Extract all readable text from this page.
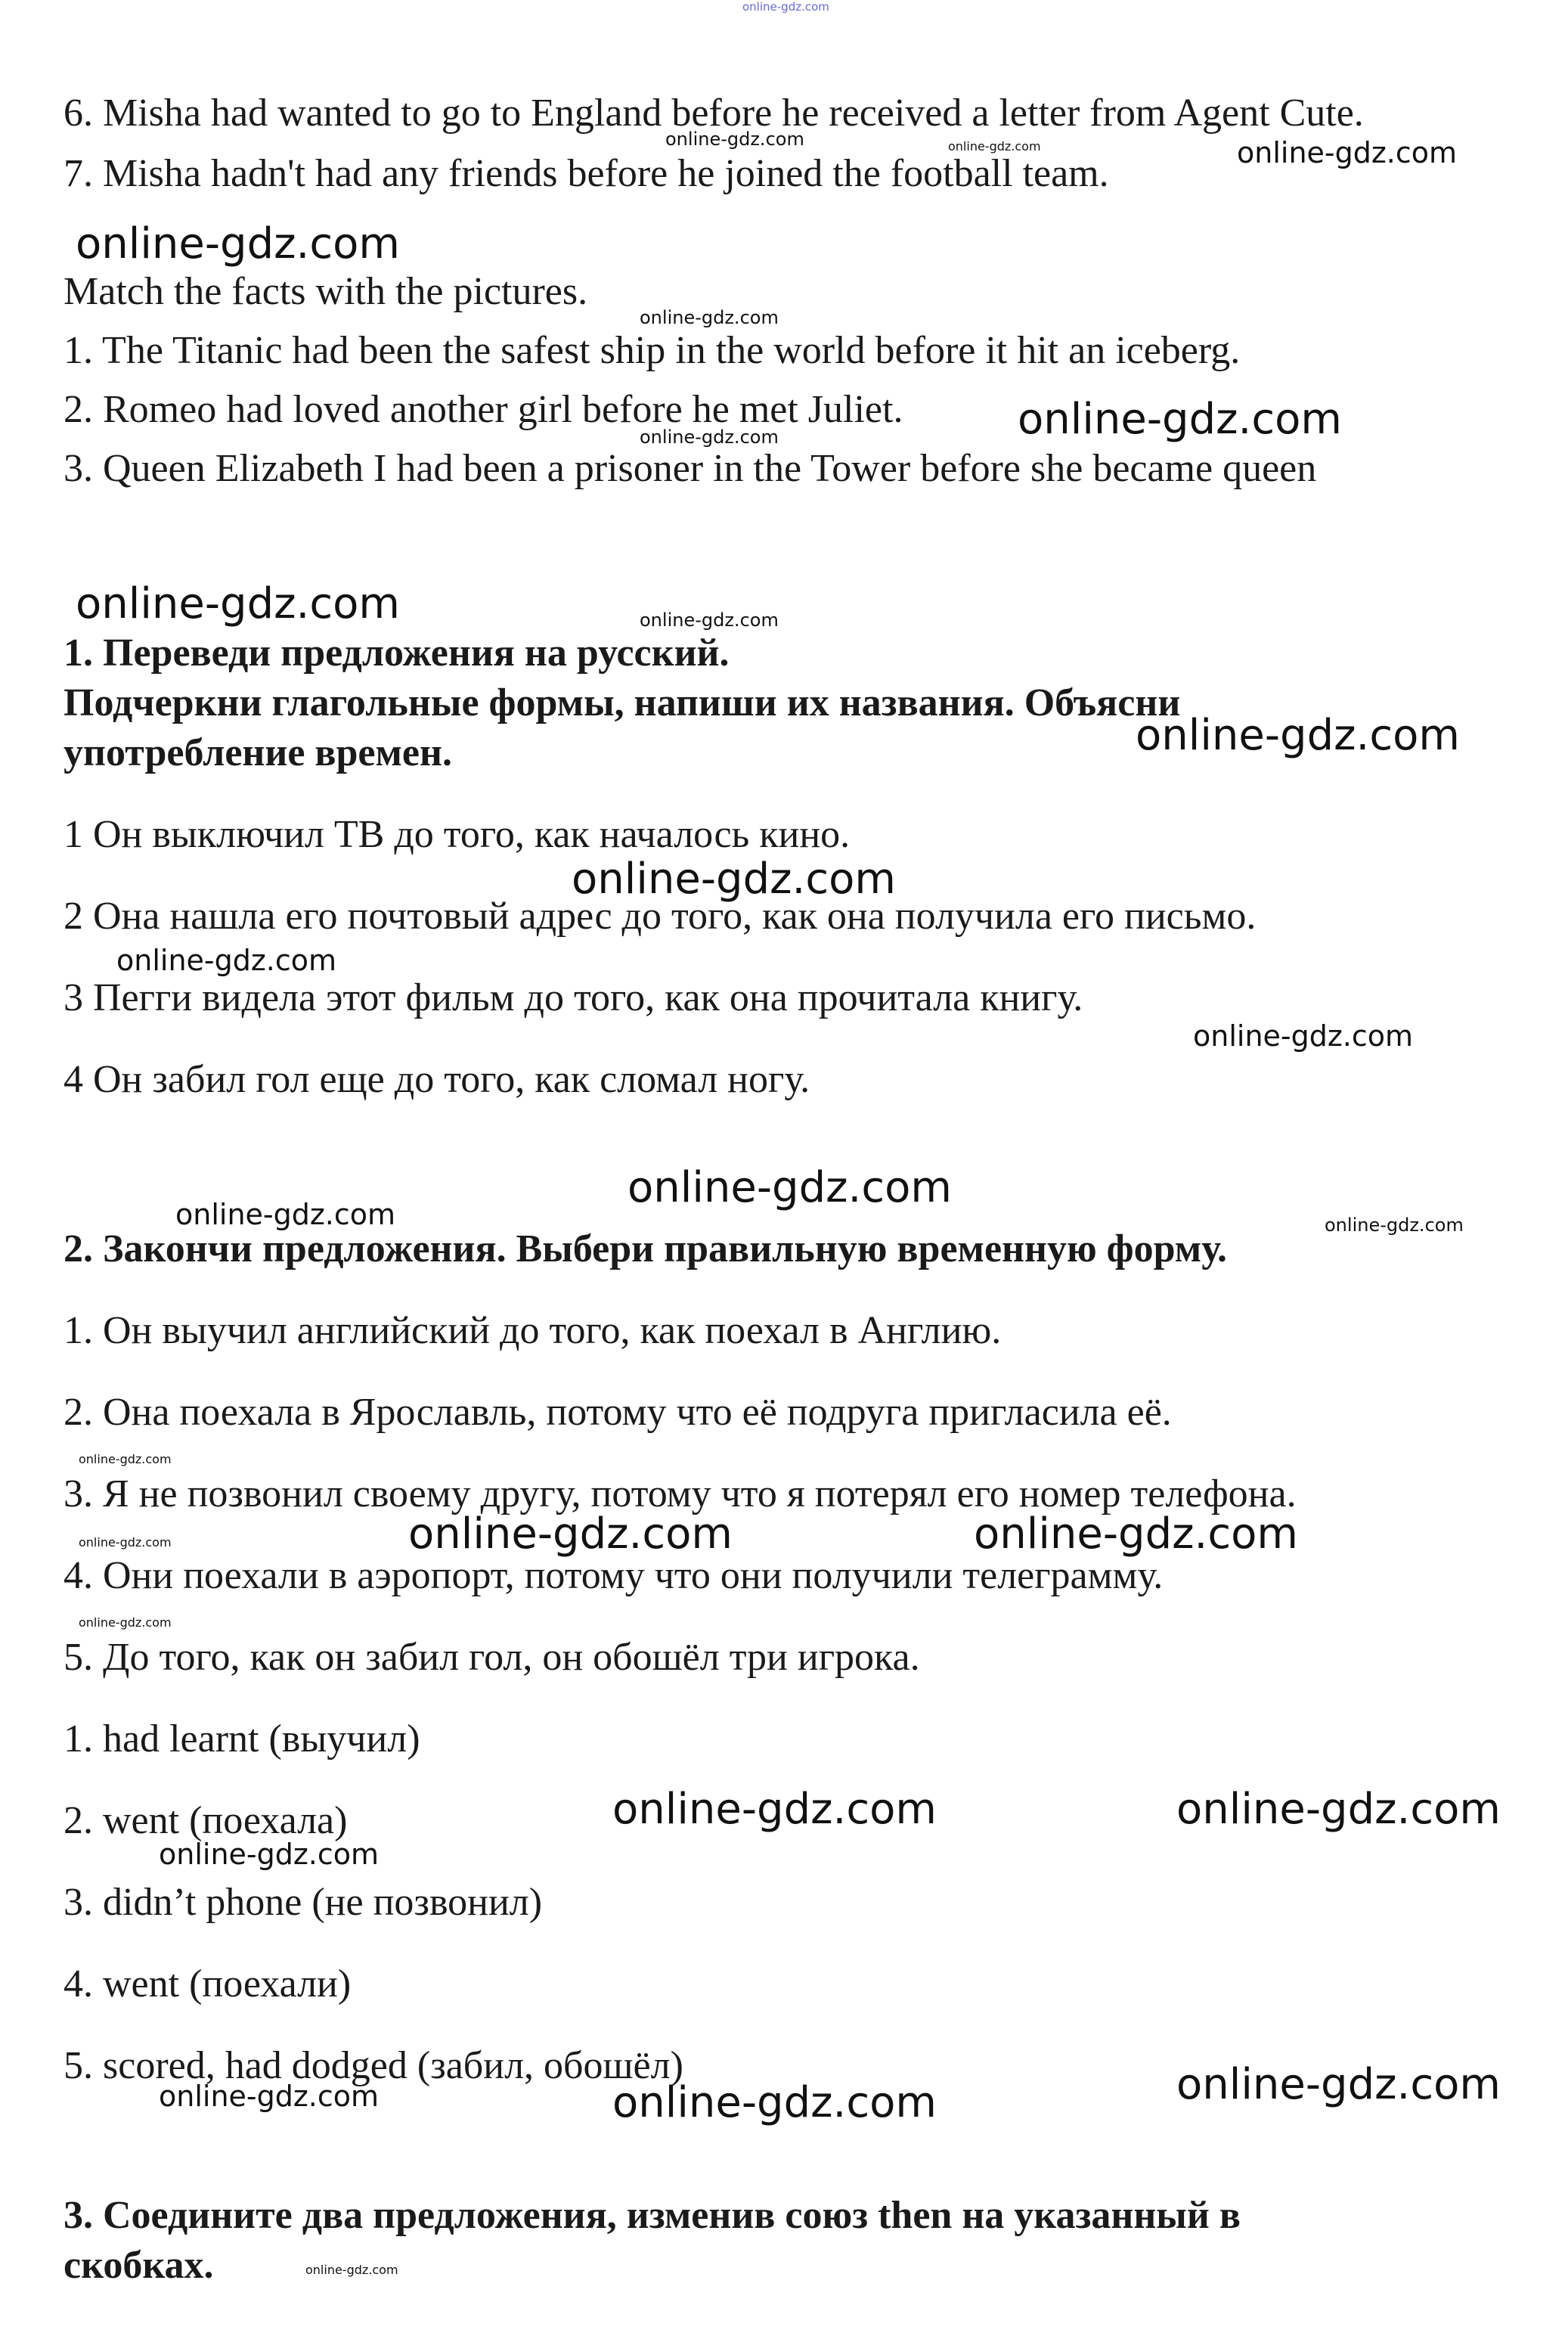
online-gdz.com
6. Misha had wanted to go to England before he received a letter from Agent Cute.
7. Misha hadn't had any friends before he joined the football team.
Match the facts with the pictures.
1. The Titanic had been the safest ship in the world before it hit an iceberg.
2. Romeo had loved another girl before he met Juliet.
3. Queen Elizabeth I had been a prisoner in the Tower before she became queen
1. Переведи предложения на русский.
Подчеркни глагольные формы, напиши их названия. Объясни
употребление времен.
1 Он выключил ТВ до того, как началось кино.
2 Она нашла его почтовый адрес до того, как она получила его письмо.
3 Пегги видела этот фильм до того, как она прочитала книгу.
4 Он забил гол еще до того, как сломал ногу.
2. Закончи предложения. Выбери правильную временную форму.
1. Он выучил английский до того, как поехал в Англию.
2. Она поехала в Ярославль, потому что её подруга пригласила её.
3. Я не позвонил своему другу, потому что я потерял его номер телефона.
4. Они поехали в аэропорт, потому что они получили телеграмму.
5. До того, как он забил гол, он обошёл три игрока.
1. had learnt (выучил)
2. went (поехала)
3. didn’t phone (не позвонил)
4. went (поехали)
5. scored, had dodged (забил, обошёл)
3. Соедините два предложения, изменив союз then на указанный в
скобках.
online-gdz.com	online-gdz.com	online-gdz.com
online-gdz.com
online-gdz.com
online-gdz.com
online-gdz.com
online-gdz.com	online-gdz.com
online-gdz.com
online-gdz.com
online-gdz.com
online-gdz.com
online-gdz.com
online-gdz.com	online-gdz.com
online-gdz.com
online-gdz.com	online-gdz.com	online-gdz.com
online-gdz.com
online-gdz.com	online-gdz.com
online-gdz.com
online-gdz.com	online-gdz.com	online-gdz.com
online-gdz.com
